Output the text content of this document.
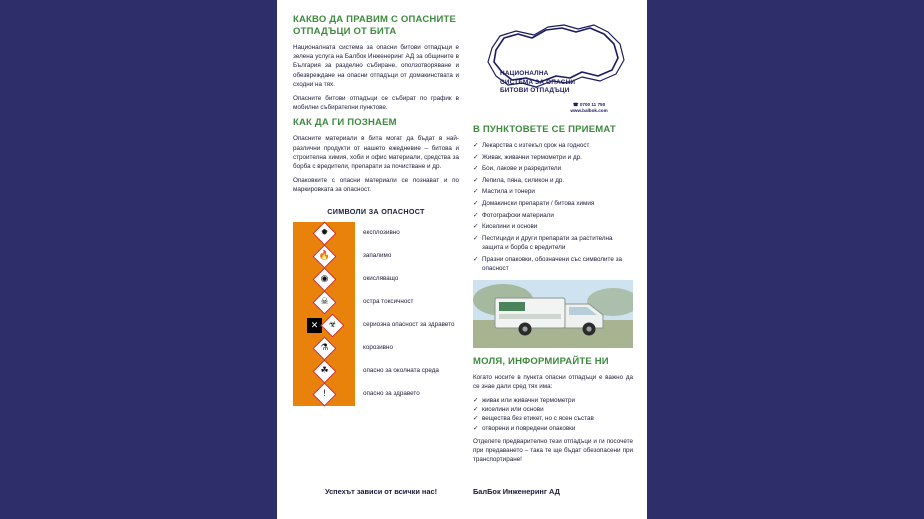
КАКВО ДА ПРАВИМ С ОПАСНИТЕ ОТПАДЪЦИ ОТ БИТА

Националната система за опасни битови отпадъци е зелена услуга на Балбок Инженеринг АД за общините в България за разделно събиране, оползотворяване и обезвреждане на опасни отпадъци от домакинствата и сходни на тях.

Опасните битови отпадъци се събират по график в мобилни събирателни пунктове.

КАК ДА ГИ ПОЗНАЕМ

Опасните материали в бита могат да бъдат в най-различни продукти от нашето ежедневие – битова и строителна химия, хоби и офис материали, средства за борба с вредители, препарати за почистване и др.

Опаковките с опасни материали се познават и по маркировката за опасност.

СИМВОЛИ ЗА ОПАСНОСТ
✹	експлозивно
🔥	запалимо
◉	окисляващо
☠	остра токсичност
✕	☣	сериозна опасност за здравето
⚗	корозивно
☘	опасно за околната среда
!	опасно за здравето
НАЦИОНАЛНА
СИСТЕМА ЗА ОПАСНИ
БИТОВИ ОТПАДЪЦИ
☎ 0700 11 750
www.balbok.com
В ПУНКТОВЕТЕ СЕ ПРИЕМАТ
✓ Лекарства с изтекъл срок на годност
✓ Живак, живачни термометри и др.
✓ Бои, лакове и разредители
✓ Лепила, пяна, силикон и др.
✓ Мастила и тонери
✓ Домакински препарати / битова химия
✓ Фотографски материали
✓ Киселини и основи
✓ Пестициди и други препарати за растителна защита и борба с вредители
✓ Празни опаковки, обозначени със символите за опасност
МОЛЯ, ИНФОРМИРАЙТЕ НИ

Когато носите в пункта опасни отпадъци е важно да се знае дали сред тях има:

✓ живак или живачни термометри
✓ киселини или основи
✓ вещества без етикет, но с ясен състав
✓ отворени и повредени опаковки

Отделете предварително тези отпадъци и ги посочете при предаването – така те ще бъдат обезопасени при транспортиране!

Успехът зависи от всички нас!	БалБок Инженеринг АД
